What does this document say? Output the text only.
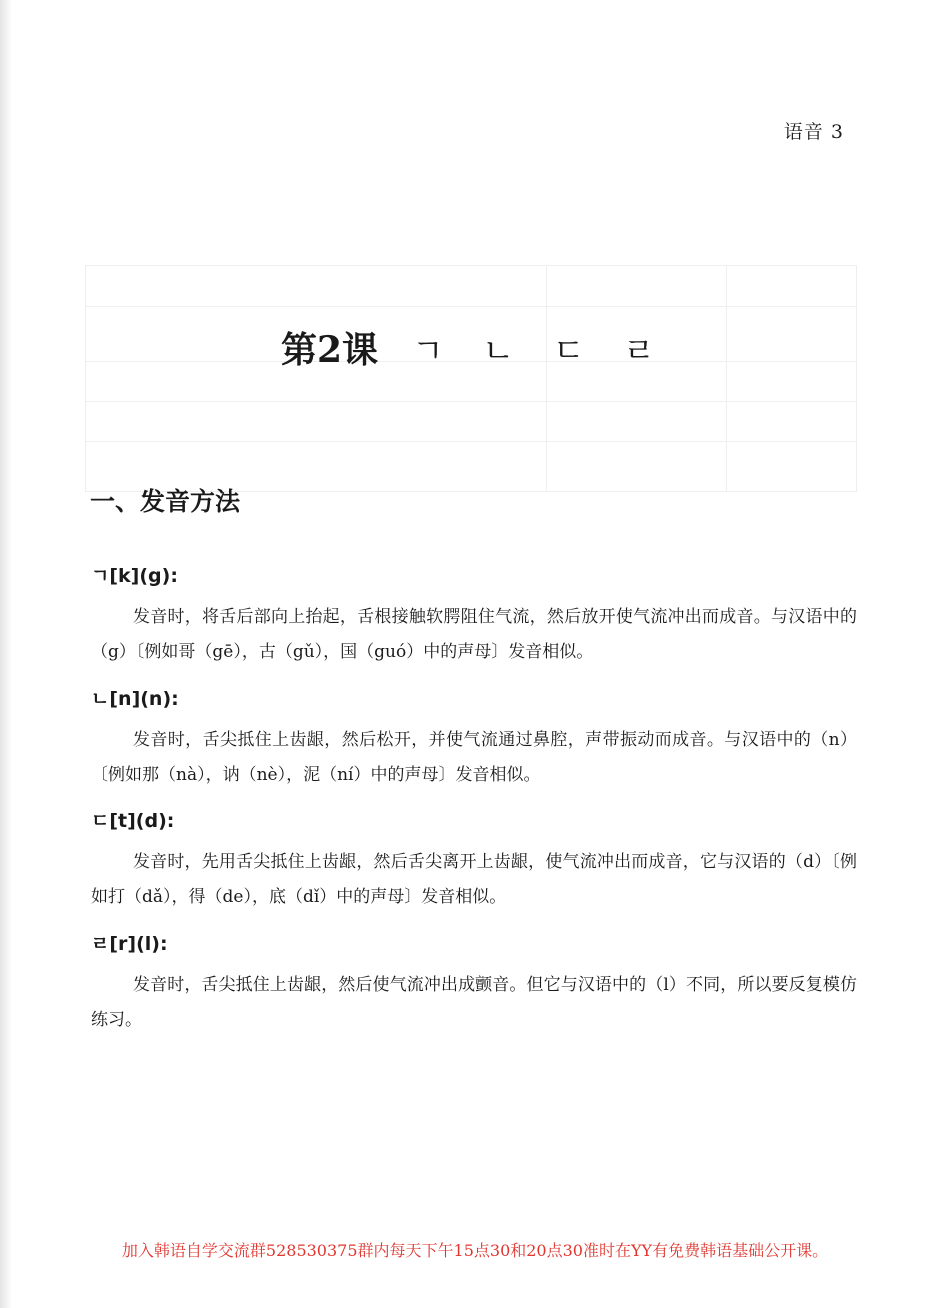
语音 3
第2课 ㄱ ㄴ ㄷ ㄹ
一、发音方法
ㄱ[k](g):

发音时，将舌后部向上抬起，舌根接触软腭阻住气流，然后放开使气流冲出而成音。与汉语中的（g）〔例如哥（gē），古（gǔ），国（guó）中的声母〕发音相似。

ㄴ[n](n):

发音时，舌尖抵住上齿龈，然后松开，并使气流通过鼻腔，声带振动而成音。与汉语中的（n）〔例如那（nà），讷（nè），泥（ní）中的声母〕发音相似。

ㄷ[t](d):

发音时，先用舌尖抵住上齿龈，然后舌尖离开上齿龈，使气流冲出而成音，它与汉语的（d）〔例如打（dǎ），得（de），底（dǐ）中的声母〕发音相似。

ㄹ[r](l):

发音时，舌尖抵住上齿龈，然后使气流冲出成颤音。但它与汉语中的（l）不同，所以要反复模仿练习。

加入韩语自学交流群528530375群内每天下午15点30和20点30准时在YY有免费韩语基础公开课。
